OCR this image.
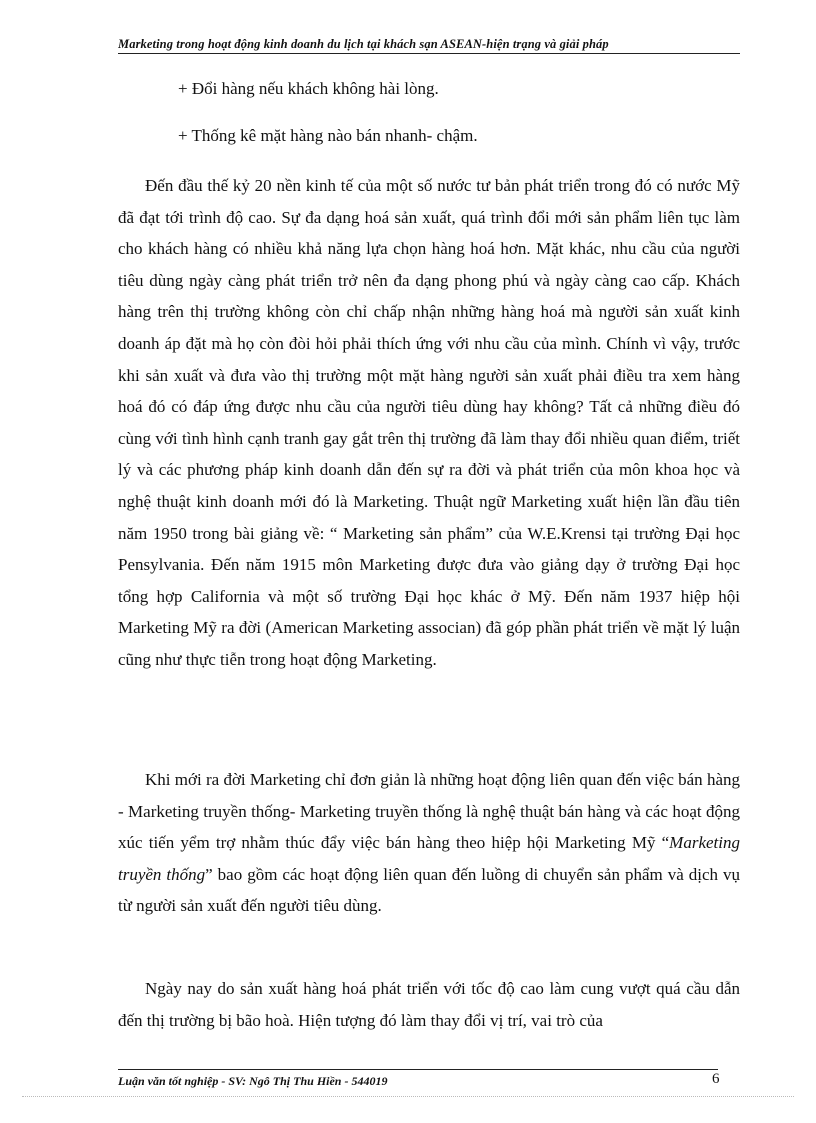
Marketing trong hoạt động kinh doanh du lịch tại khách sạn ASEAN-hiện trạng và giải pháp
+ Đổi hàng nếu khách không hài lòng.
+ Thống kê mặt hàng nào bán nhanh- chậm.

Đến đầu thế kỷ 20 nền kinh tế của một số nước tư bản phát triển trong đó có nước Mỹ đã đạt tới trình độ cao. Sự đa dạng hoá sản xuất, quá trình đổi mới sản phẩm liên tục làm cho khách hàng có nhiều khả năng lựa chọn hàng hoá hơn. Mặt khác, nhu cầu của người tiêu dùng ngày càng phát triển trở nên đa dạng phong phú và ngày càng cao cấp. Khách hàng trên thị trường không còn chỉ chấp nhận những hàng hoá mà người sản xuất kinh doanh áp đặt mà họ còn đòi hỏi phải thích ứng với nhu cầu của mình. Chính vì vậy, trước khi sản xuất và đưa vào thị trường một mặt hàng người sản xuất phải điều tra xem hàng hoá đó có đáp ứng được nhu cầu của người tiêu dùng hay không? Tất cả những điều đó cùng với tình hình cạnh tranh gay gắt trên thị trường đã làm thay đổi nhiều quan điểm, triết lý và các phương pháp kinh doanh dẫn đến sự ra đời và phát triển của môn khoa học và nghệ thuật kinh doanh mới đó là Marketing. Thuật ngữ Marketing xuất hiện lần đầu tiên năm 1950 trong bài giảng về: “ Marketing sản phẩm” của W.E.Krensi tại trường Đại học Pensylvania. Đến năm 1915 môn Marketing được đưa vào giảng dạy ở trường Đại học tổng hợp California và một số trường Đại học khác ở Mỹ. Đến năm 1937 hiệp hội Marketing Mỹ ra đời (American Marketing associan) đã góp phần phát triển về mặt lý luận cũng như thực tiễn trong hoạt động Marketing.

Khi mới ra đời Marketing chỉ đơn giản là những hoạt động liên quan đến việc bán hàng - Marketing truyền thống- Marketing truyền thống là nghệ thuật bán hàng và các hoạt động xúc tiến yểm trợ nhằm thúc đẩy việc bán hàng theo hiệp hội Marketing Mỹ “Marketing truyền thống” bao gồm các hoạt động liên quan đến luồng di chuyển sản phẩm và dịch vụ từ người sản xuất đến người tiêu dùng.

Ngày nay do sản xuất hàng hoá phát triển với tốc độ cao làm cung vượt quá cầu dẫn đến thị trường bị bão hoà. Hiện tượng đó làm thay đổi vị trí, vai trò của

Luận văn tốt nghiệp - SV: Ngô Thị Thu Hiền - 544019	6
